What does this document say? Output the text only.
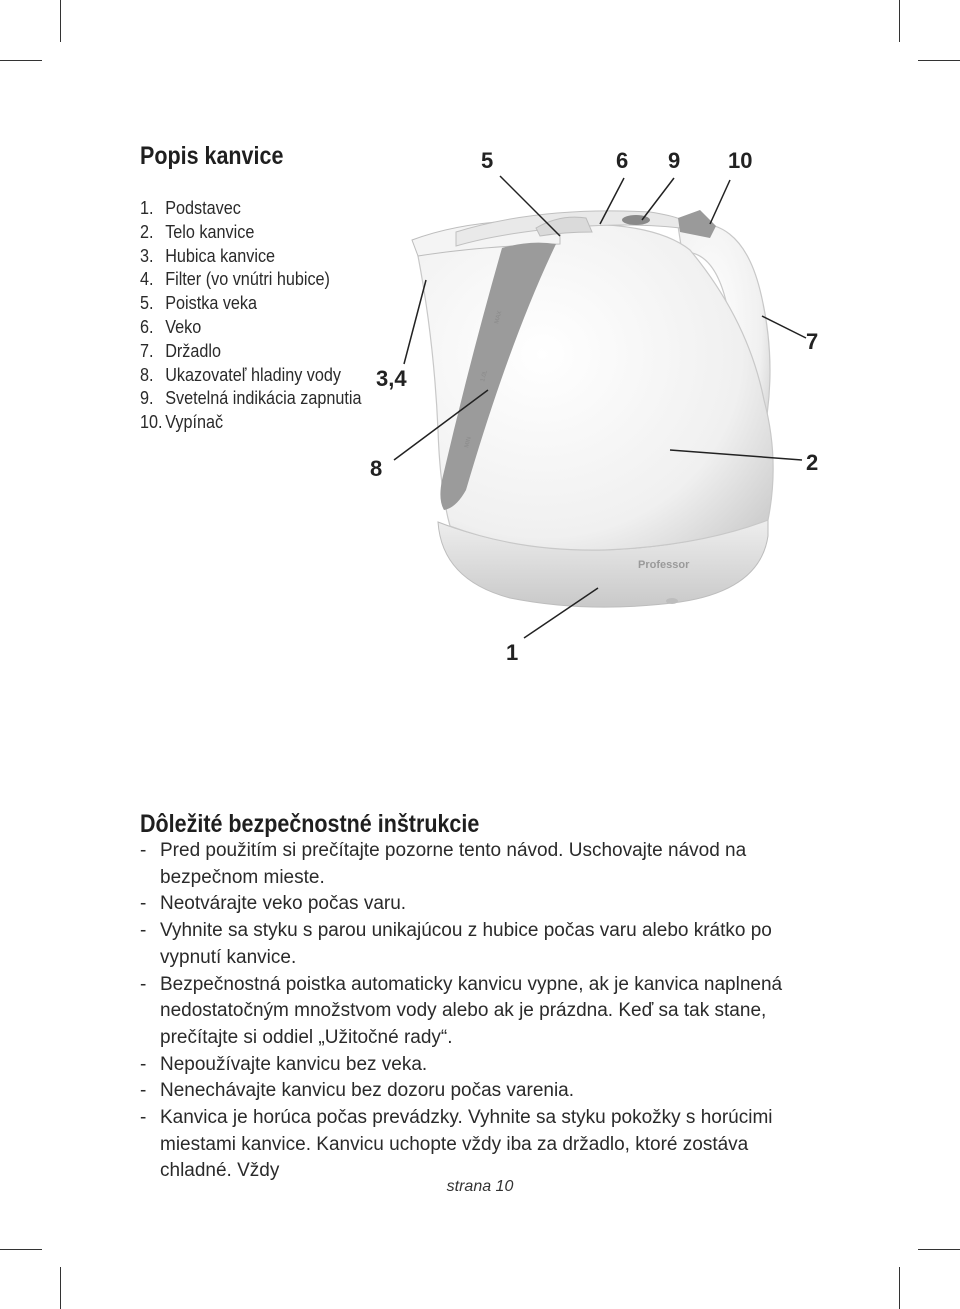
Popis kanvice
1. Podstavec
2. Telo kanvice
3. Hubica kanvice
4. Filter (vo vnútri hubice)
5. Poistka veka
6. Veko
7. Držadlo
8. Ukazovateľ hladiny vody
9. Svetelná indikácia zapnutia
10. Vypínač
MAX
1.0L
MIN
Professor
5	6 9 10
7
3,4
8	2
1
Dôležité bezpečnostné inštrukcie
- Pred použitím si prečítajte pozorne tento návod. Uschovajte návod na bezpečnom mieste.
- Neotvárajte veko počas varu.
- Vyhnite sa styku s parou unikajúcou z hubice počas varu alebo krátko po vypnutí kanvice.
- Bezpečnostná poistka automaticky kanvicu vypne, ak je kanvica naplnená nedostatočným množstvom vody alebo ak je prázdna. Keď sa tak stane, prečítajte si oddiel „Užitočné rady“.
- Nepoužívajte kanvicu bez veka.
- Nenechávajte kanvicu bez dozoru počas varenia.
- Kanvica je horúca počas prevádzky. Vyhnite sa styku pokožky s horúcimi miestami kanvice. Kanvicu uchopte vždy iba za držadlo, ktoré zostáva chladné. Vždy
strana 10
